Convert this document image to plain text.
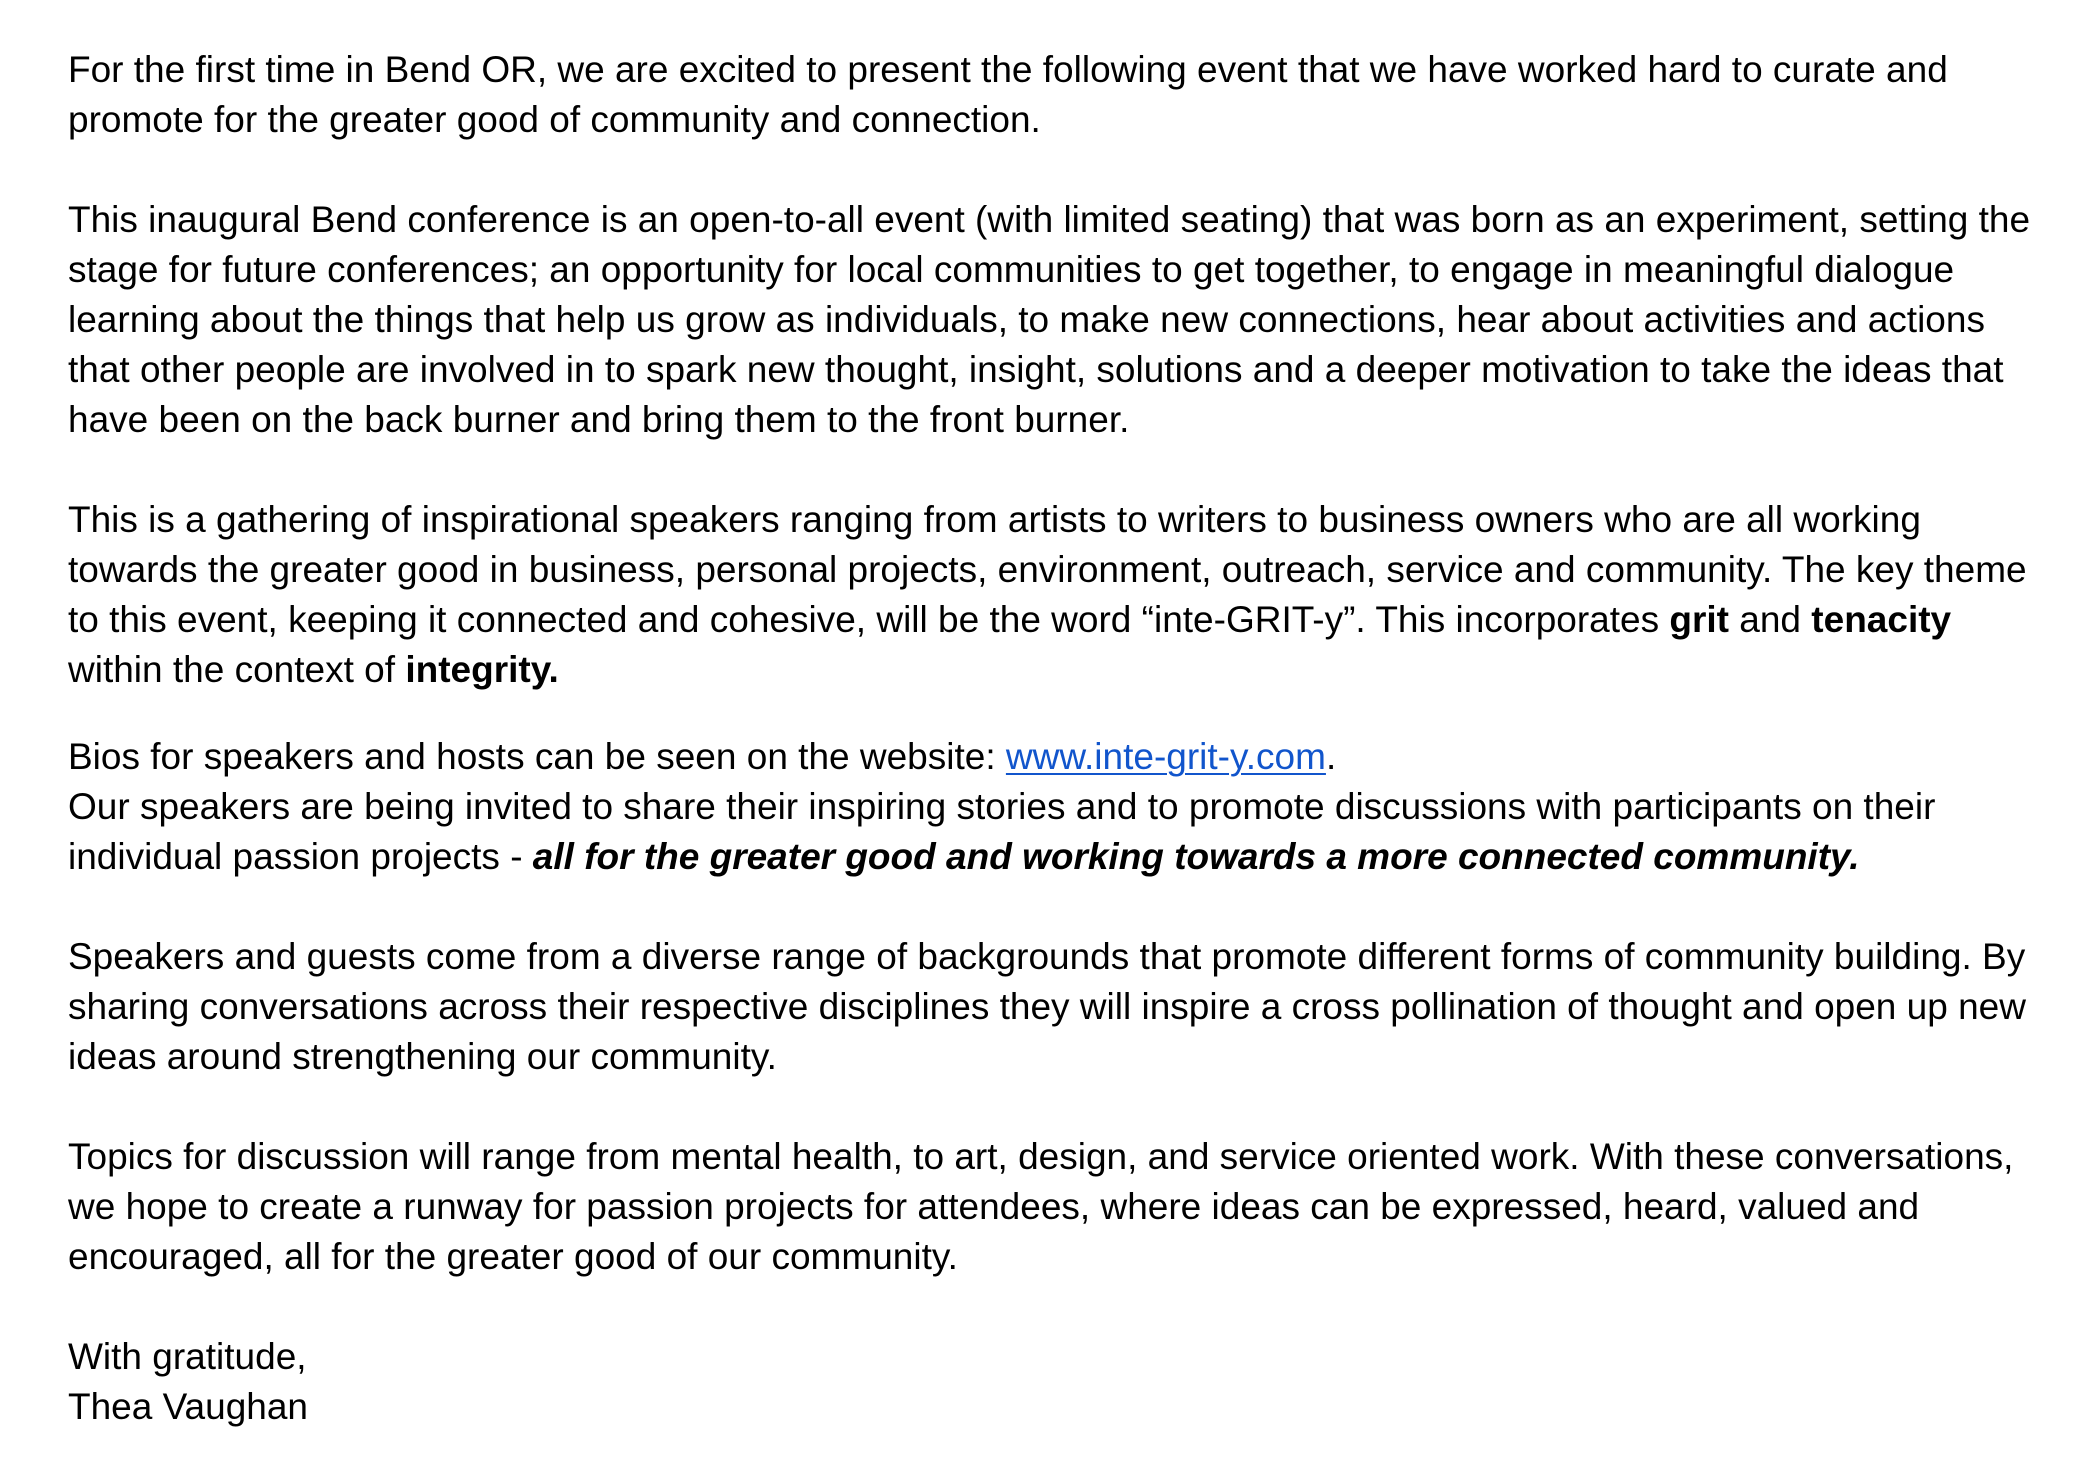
For the first time in Bend OR, we are excited to present the following event that we have worked hard to curate and promote for the greater good of community and connection.

This inaugural Bend conference is an open-to-all event (with limited seating) that was born as an experiment, setting the stage for future conferences; an opportunity for local communities to get together, to engage in meaningful dialogue learning about the things that help us grow as individuals, to make new connections, hear about activities and actions that other people are involved in to spark new thought, insight, solutions and a deeper motivation to take the ideas that have been on the back burner and bring them to the front burner.

This is a gathering of inspirational speakers ranging from artists to writers to business owners who are all working towards the greater good in business, personal projects, environment, outreach, service and community. The key theme to this event, keeping it connected and cohesive, will be the word “inte-GRIT-y”. This incorporates grit and tenacity within the context of integrity.

Bios for speakers and hosts can be seen on the website: www.inte-grit-y.com.
Our speakers are being invited to share their inspiring stories and to promote discussions with participants on their individual passion projects - all for the greater good and working towards a more connected community.

Speakers and guests come from a diverse range of backgrounds that promote different forms of community building. By sharing conversations across their respective disciplines they will inspire a cross pollination of thought and open up new ideas around strengthening our community.

Topics for discussion will range from mental health, to art, design, and service oriented work. With these conversations, we hope to create a runway for passion projects for attendees, where ideas can be expressed, heard, valued and encouraged, all for the greater good of our community.

With gratitude,

Thea Vaughan
